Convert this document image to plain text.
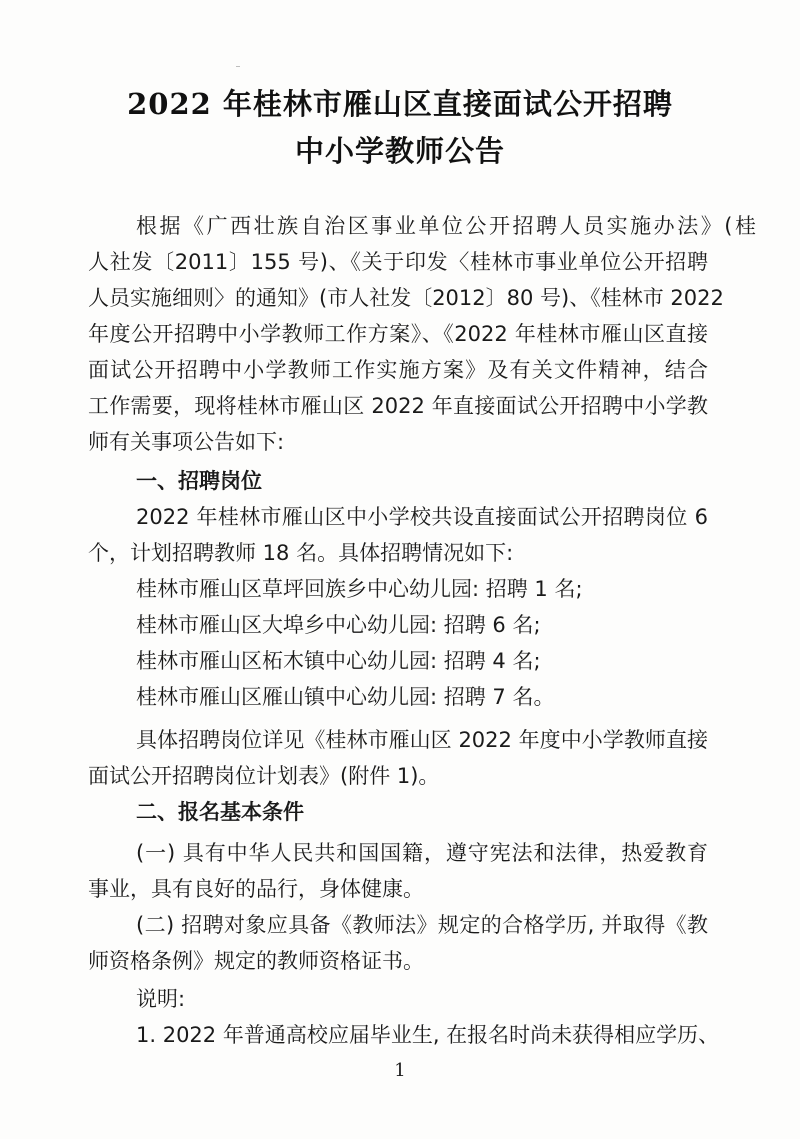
2022 年桂林市雁山区直接面试公开招聘
中小学教师公告
根据《广西壮族自治区事业单位公开招聘人员实施办法》(桂
人社发〔2011〕155 号)、《关于印发〈桂林市事业单位公开招聘
人员实施细则〉的通知》(市人社发〔2012〕80 号)、《桂林市 2022
年度公开招聘中小学教师工作方案》、《2022 年桂林市雁山区直接
面试公开招聘中小学教师工作实施方案》及有关文件精神，结合
工作需要，现将桂林市雁山区 2022 年直接面试公开招聘中小学教
师有关事项公告如下:
一、招聘岗位
2022 年桂林市雁山区中小学校共设直接面试公开招聘岗位 6
个，计划招聘教师 18 名。具体招聘情况如下:
桂林市雁山区草坪回族乡中心幼儿园: 招聘 1 名;
桂林市雁山区大埠乡中心幼儿园: 招聘 6 名;
桂林市雁山区柘木镇中心幼儿园: 招聘 4 名;
桂林市雁山区雁山镇中心幼儿园: 招聘 7 名。
具体招聘岗位详见《桂林市雁山区 2022 年度中小学教师直接
面试公开招聘岗位计划表》(附件 1)。
二、报名基本条件
(一) 具有中华人民共和国国籍，遵守宪法和法律，热爱教育
事业，具有良好的品行，身体健康。
(二) 招聘对象应具备《教师法》规定的合格学历, 并取得《教
师资格条例》规定的教师资格证书。
说明:
1. 2022 年普通高校应届毕业生, 在报名时尚未获得相应学历、
1
